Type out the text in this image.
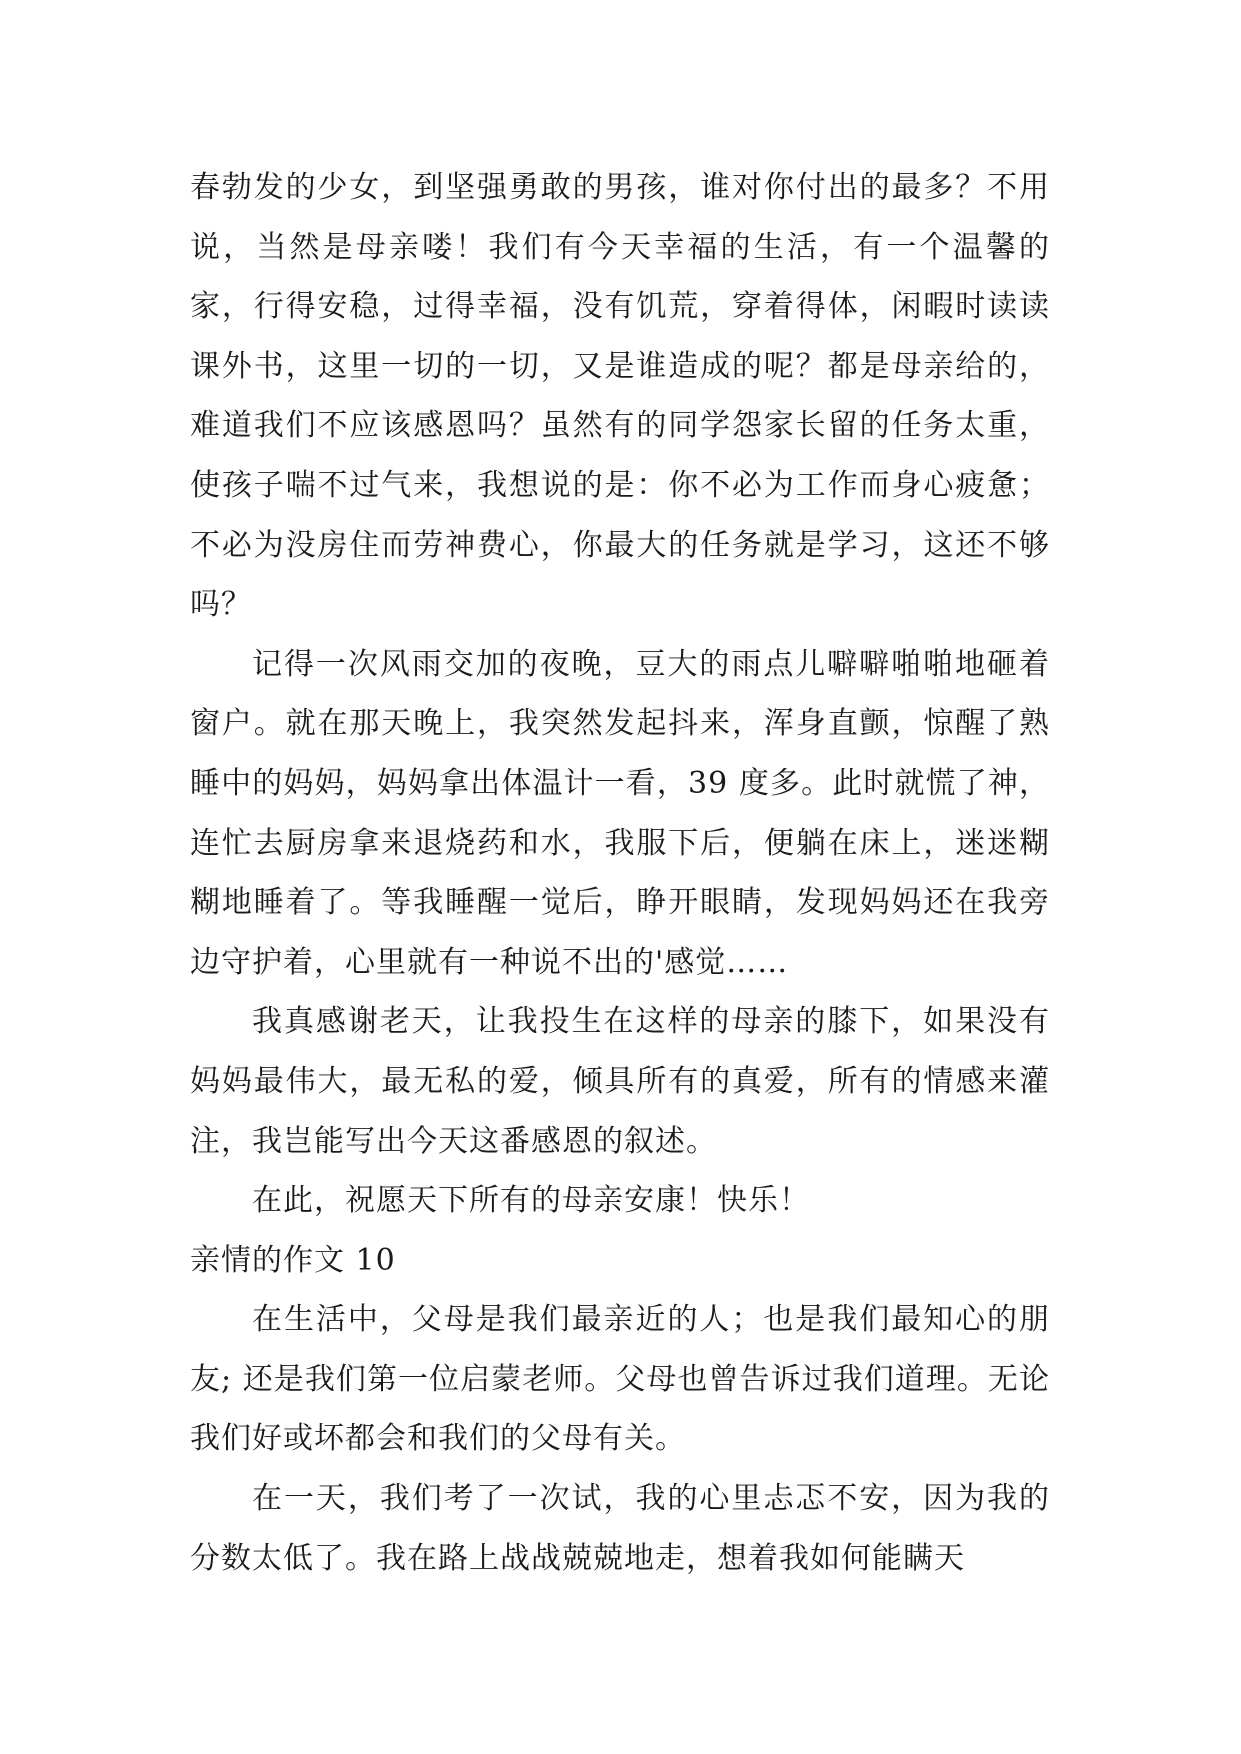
春勃发的少女，到坚强勇敢的男孩，谁对你付出的最多？不用说，当然是母亲喽！我们有今天幸福的生活，有一个温馨的家，行得安稳，过得幸福，没有饥荒，穿着得体，闲暇时读读课外书，这里一切的一切，又是谁造成的呢？都是母亲给的，难道我们不应该感恩吗？虽然有的同学怨家长留的任务太重，使孩子喘不过气来，我想说的是：你不必为工作而身心疲惫；不必为没房住而劳神费心，你最大的任务就是学习，这还不够吗？

记得一次风雨交加的夜晚，豆大的雨点儿噼噼啪啪地砸着窗户。就在那天晚上，我突然发起抖来，浑身直颤，惊醒了熟睡中的妈妈，妈妈拿出体温计一看，39 度多。此时就慌了神，连忙去厨房拿来退烧药和水，我服下后，便躺在床上，迷迷糊糊地睡着了。等我睡醒一觉后，睁开眼睛，发现妈妈还在我旁边守护着，心里就有一种说不出的'感觉……

我真感谢老天，让我投生在这样的母亲的膝下，如果没有妈妈最伟大，最无私的爱，倾具所有的真爱，所有的情感来灌注，我岂能写出今天这番感恩的叙述。

在此，祝愿天下所有的母亲安康！快乐！

亲情的作文 10

在生活中，父母是我们最亲近的人；也是我们最知心的朋友; 还是我们第一位启蒙老师。父母也曾告诉过我们道理。无论我们好或坏都会和我们的父母有关。

在一天，我们考了一次试，我的心里忐忑不安，因为我的分数太低了。我在路上战战兢兢地走，想着我如何能瞒天
